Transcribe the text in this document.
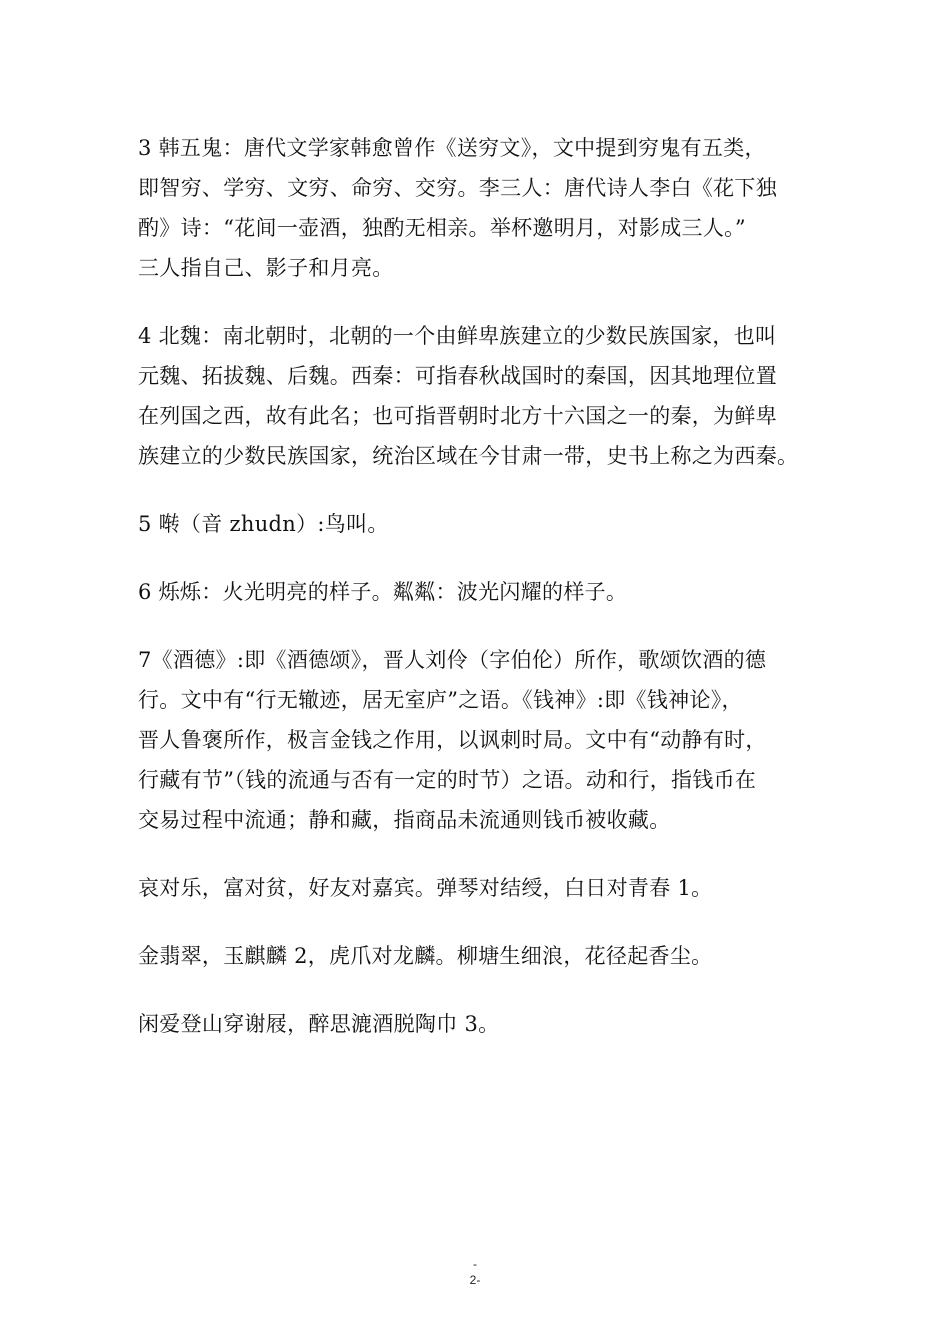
3 韩五鬼：唐代文学家韩愈曾作《送穷文》，文中提到穷鬼有五类，
即智穷、学穷、文穷、命穷、交穷。李三人：唐代诗人李白《花下独
酌》诗：“花间一壶酒，独酌无相亲。举杯邀明月，对影成三人。”
三人指自己、影子和月亮。

4 北魏：南北朝时，北朝的一个由鲜卑族建立的少数民族国家，也叫
元魏、拓拔魏、后魏。西秦：可指春秋战国时的秦国，因其地理位置
在列国之西，故有此名；也可指晋朝时北方十六国之一的秦，为鲜卑
族建立的少数民族国家，统治区域在今甘肃一带，史书上称之为西秦。

5 啭（音 zhudn）:鸟叫。

6 烁烁：火光明亮的样子。粼粼：波光闪耀的样子。

7《酒德》:即《酒德颂》，晋人刘伶（字伯伦）所作，歌颂饮酒的德
行。文中有“行无辙迹，居无室庐”之语。《钱神》:即《钱神论》，
晋人鲁褒所作，极言金钱之作用，以讽刺时局。文中有“动静有时，
行藏有节”（钱的流通与否有一定的时节）之语。动和行，指钱币在
交易过程中流通；静和藏，指商品未流通则钱币被收藏。

哀对乐，富对贫，好友对嘉宾。弹琴对结绶，白日对青春 1。

金翡翠，玉麒麟 2，虎爪对龙麟。柳塘生细浪，花径起香尘。

闲爱登山穿谢屐，醉思漉酒脱陶巾 3。

-
2-
